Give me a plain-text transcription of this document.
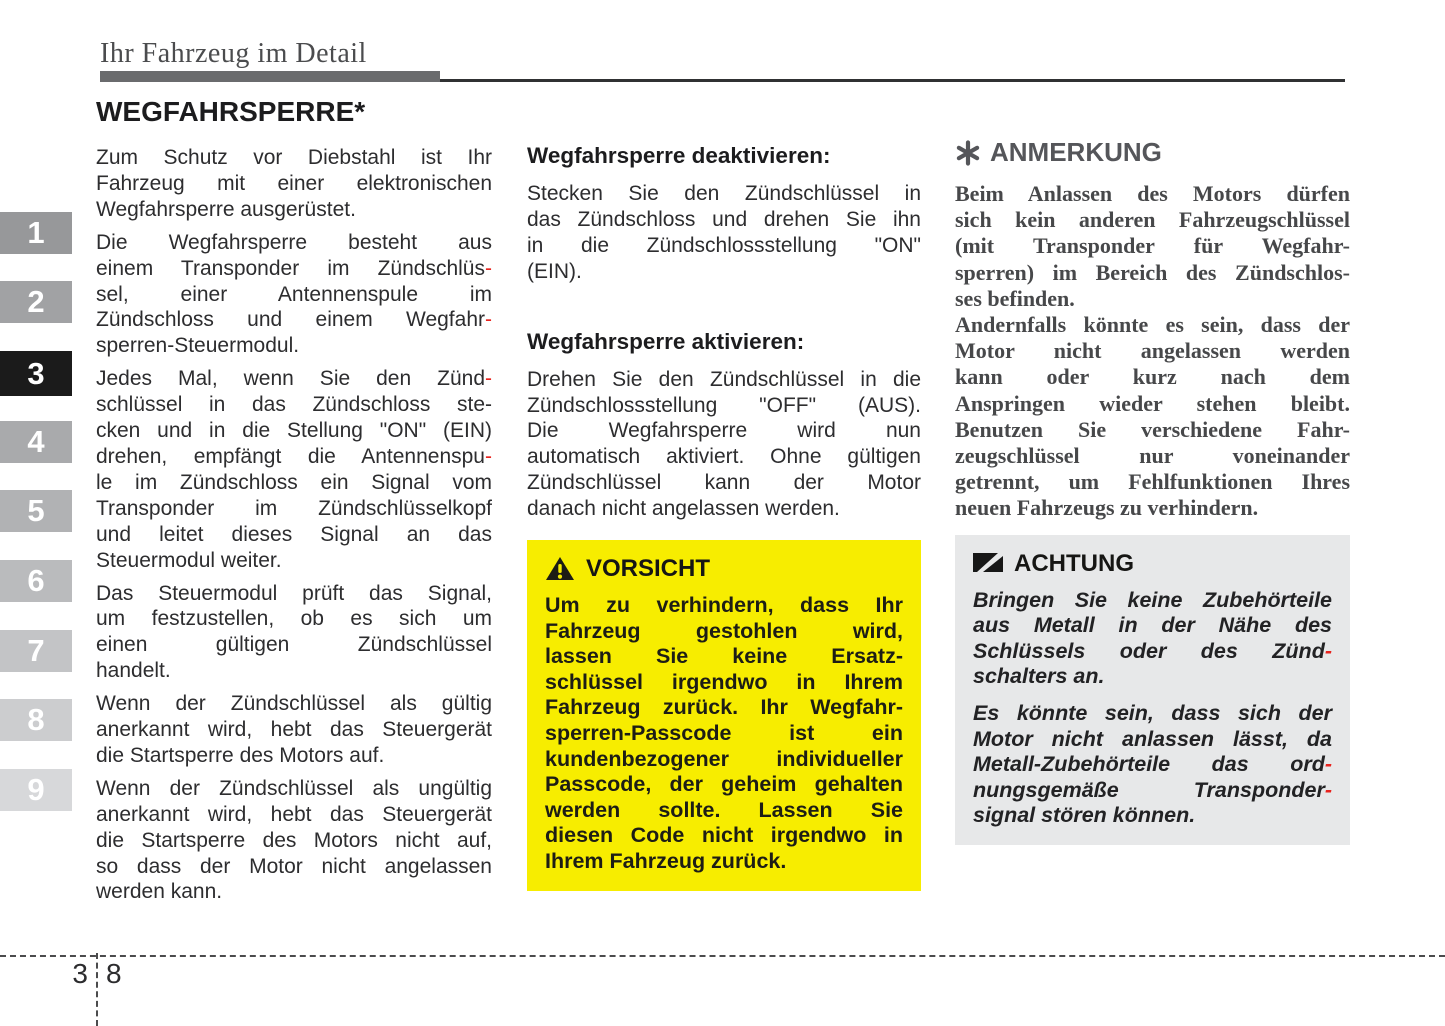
Ihr Fahrzeug im Detail
1
2
3
4
5
6
7
8
9
WEGFAHRSPERRE*
Zum Schutz vor Diebstahl ist Ihr
Fahrzeug mit einer elektronischen
Wegfahrsperre ausgerüstet.
Die Wegfahrsperre besteht aus
einem Transponder im Zündschlüs-
sel, einer Antennenspule im
Zündschloss und einem Wegfahr-
sperren-Steuermodul.
Jedes Mal, wenn Sie den Zünd-
schlüssel in das Zündschloss ste-
cken und in die Stellung "ON" (EIN)
drehen, empfängt die Antennenspu-
le im Zündschloss ein Signal vom
Transponder im Zündschlüsselkopf
und leitet dieses Signal an das
Steuermodul weiter.
Das Steuermodul prüft das Signal,
um festzustellen, ob es sich um
einen gültigen Zündschlüssel
handelt.
Wenn der Zündschlüssel als gültig
anerkannt wird, hebt das Steuergerät
die Startsperre des Motors auf.
Wenn der Zündschlüssel als ungültig
anerkannt wird, hebt das Steuergerät
die Startsperre des Motors nicht auf,
so dass der Motor nicht angelassen
werden kann.
Wegfahrsperre deaktivieren:
Stecken Sie den Zündschlüssel in
das Zündschloss und drehen Sie ihn
in die Zündschlossstellung "ON"
(EIN).
Wegfahrsperre aktivieren:
Drehen Sie den Zündschlüssel in die
Zündschlossstellung "OFF" (AUS).
Die Wegfahrsperre wird nun
automatisch aktiviert. Ohne gültigen
Zündschlüssel kann der Motor
danach nicht angelassen werden.
VORSICHT
Um zu verhindern, dass Ihr
Fahrzeug gestohlen wird,
lassen Sie keine Ersatz-
schlüssel irgendwo in Ihrem
Fahrzeug zurück. Ihr Wegfahr-
sperren-Passcode ist ein
kundenbezogener individueller
Passcode, der geheim gehalten
werden sollte. Lassen Sie
diesen Code nicht irgendwo in
Ihrem Fahrzeug zurück.
ANMERKUNG
Beim Anlassen des Motors dürfen
sich kein anderen Fahrzeugschlüssel
(mit Transponder für Wegfahr-
sperren) im Bereich des Zündschlos-
ses befinden.
Andernfalls könnte es sein, dass der
Motor nicht angelassen werden
kann oder kurz nach dem
Anspringen wieder stehen bleibt.
Benutzen Sie verschiedene Fahr-
zeugschlüssel nur voneinander
getrennt, um Fehlfunktionen Ihres
neuen Fahrzeugs zu verhindern.
ACHTUNG
Bringen Sie keine Zubehörteile
aus Metall in der Nähe des
Schlüssels oder des Zünd-
schalters an.
Es könnte sein, dass sich der
Motor nicht anlassen lässt, da
Metall-Zubehörteile das ord-
nungsgemäße Transponder-
signal stören können.
3 8
